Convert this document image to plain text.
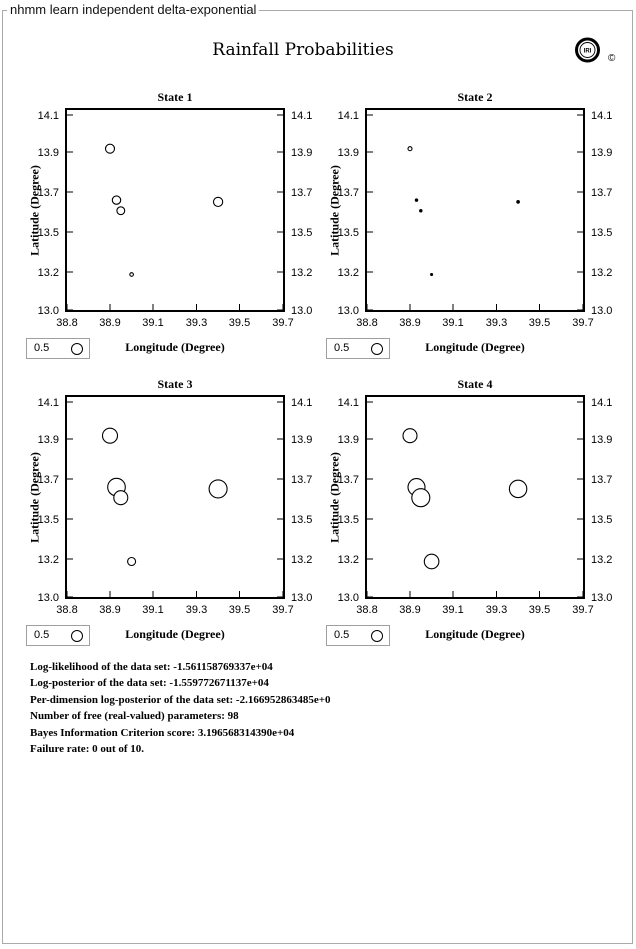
nhmm learn independent delta-exponential
Rainfall Probabilities	IRI
©
State 1
14.1	14.1
13.9	13.9
13.7	13.7
13.5	13.5
13.2	13.2
13.0	13.0
38.8 38.9 39.1 39.3 39.5 39.7
Latitude (Degree)
Longitude (Degree)
0.5
State 2
14.1	14.1
13.9	13.9
13.7	13.7
13.5	13.5
13.2	13.2
13.0	13.0
38.8 38.9 39.1 39.3 39.5 39.7
Latitude (Degree)
Longitude (Degree)
0.5
State 3
14.1	14.1
13.9	13.9
13.7	13.7
13.5	13.5
13.2	13.2
13.0	13.0
38.8 38.9 39.1 39.3 39.5 39.7
Latitude (Degree)
Longitude (Degree)
0.5
State 4
14.1	14.1
13.9	13.9
13.7	13.7
13.5	13.5
13.2	13.2
13.0	13.0
38.8 38.9 39.1 39.3 39.5 39.7
Latitude (Degree)
Longitude (Degree)
0.5
Log-likelihood of the data set: -1.561158769337e+04
Log-posterior of the data set: -1.559772671137e+04
Per-dimension log-posterior of the data set: -2.166952863485e+0
Number of free (real-valued) parameters: 98
Bayes Information Criterion score: 3.196568314390e+04
Failure rate: 0 out of 10.
